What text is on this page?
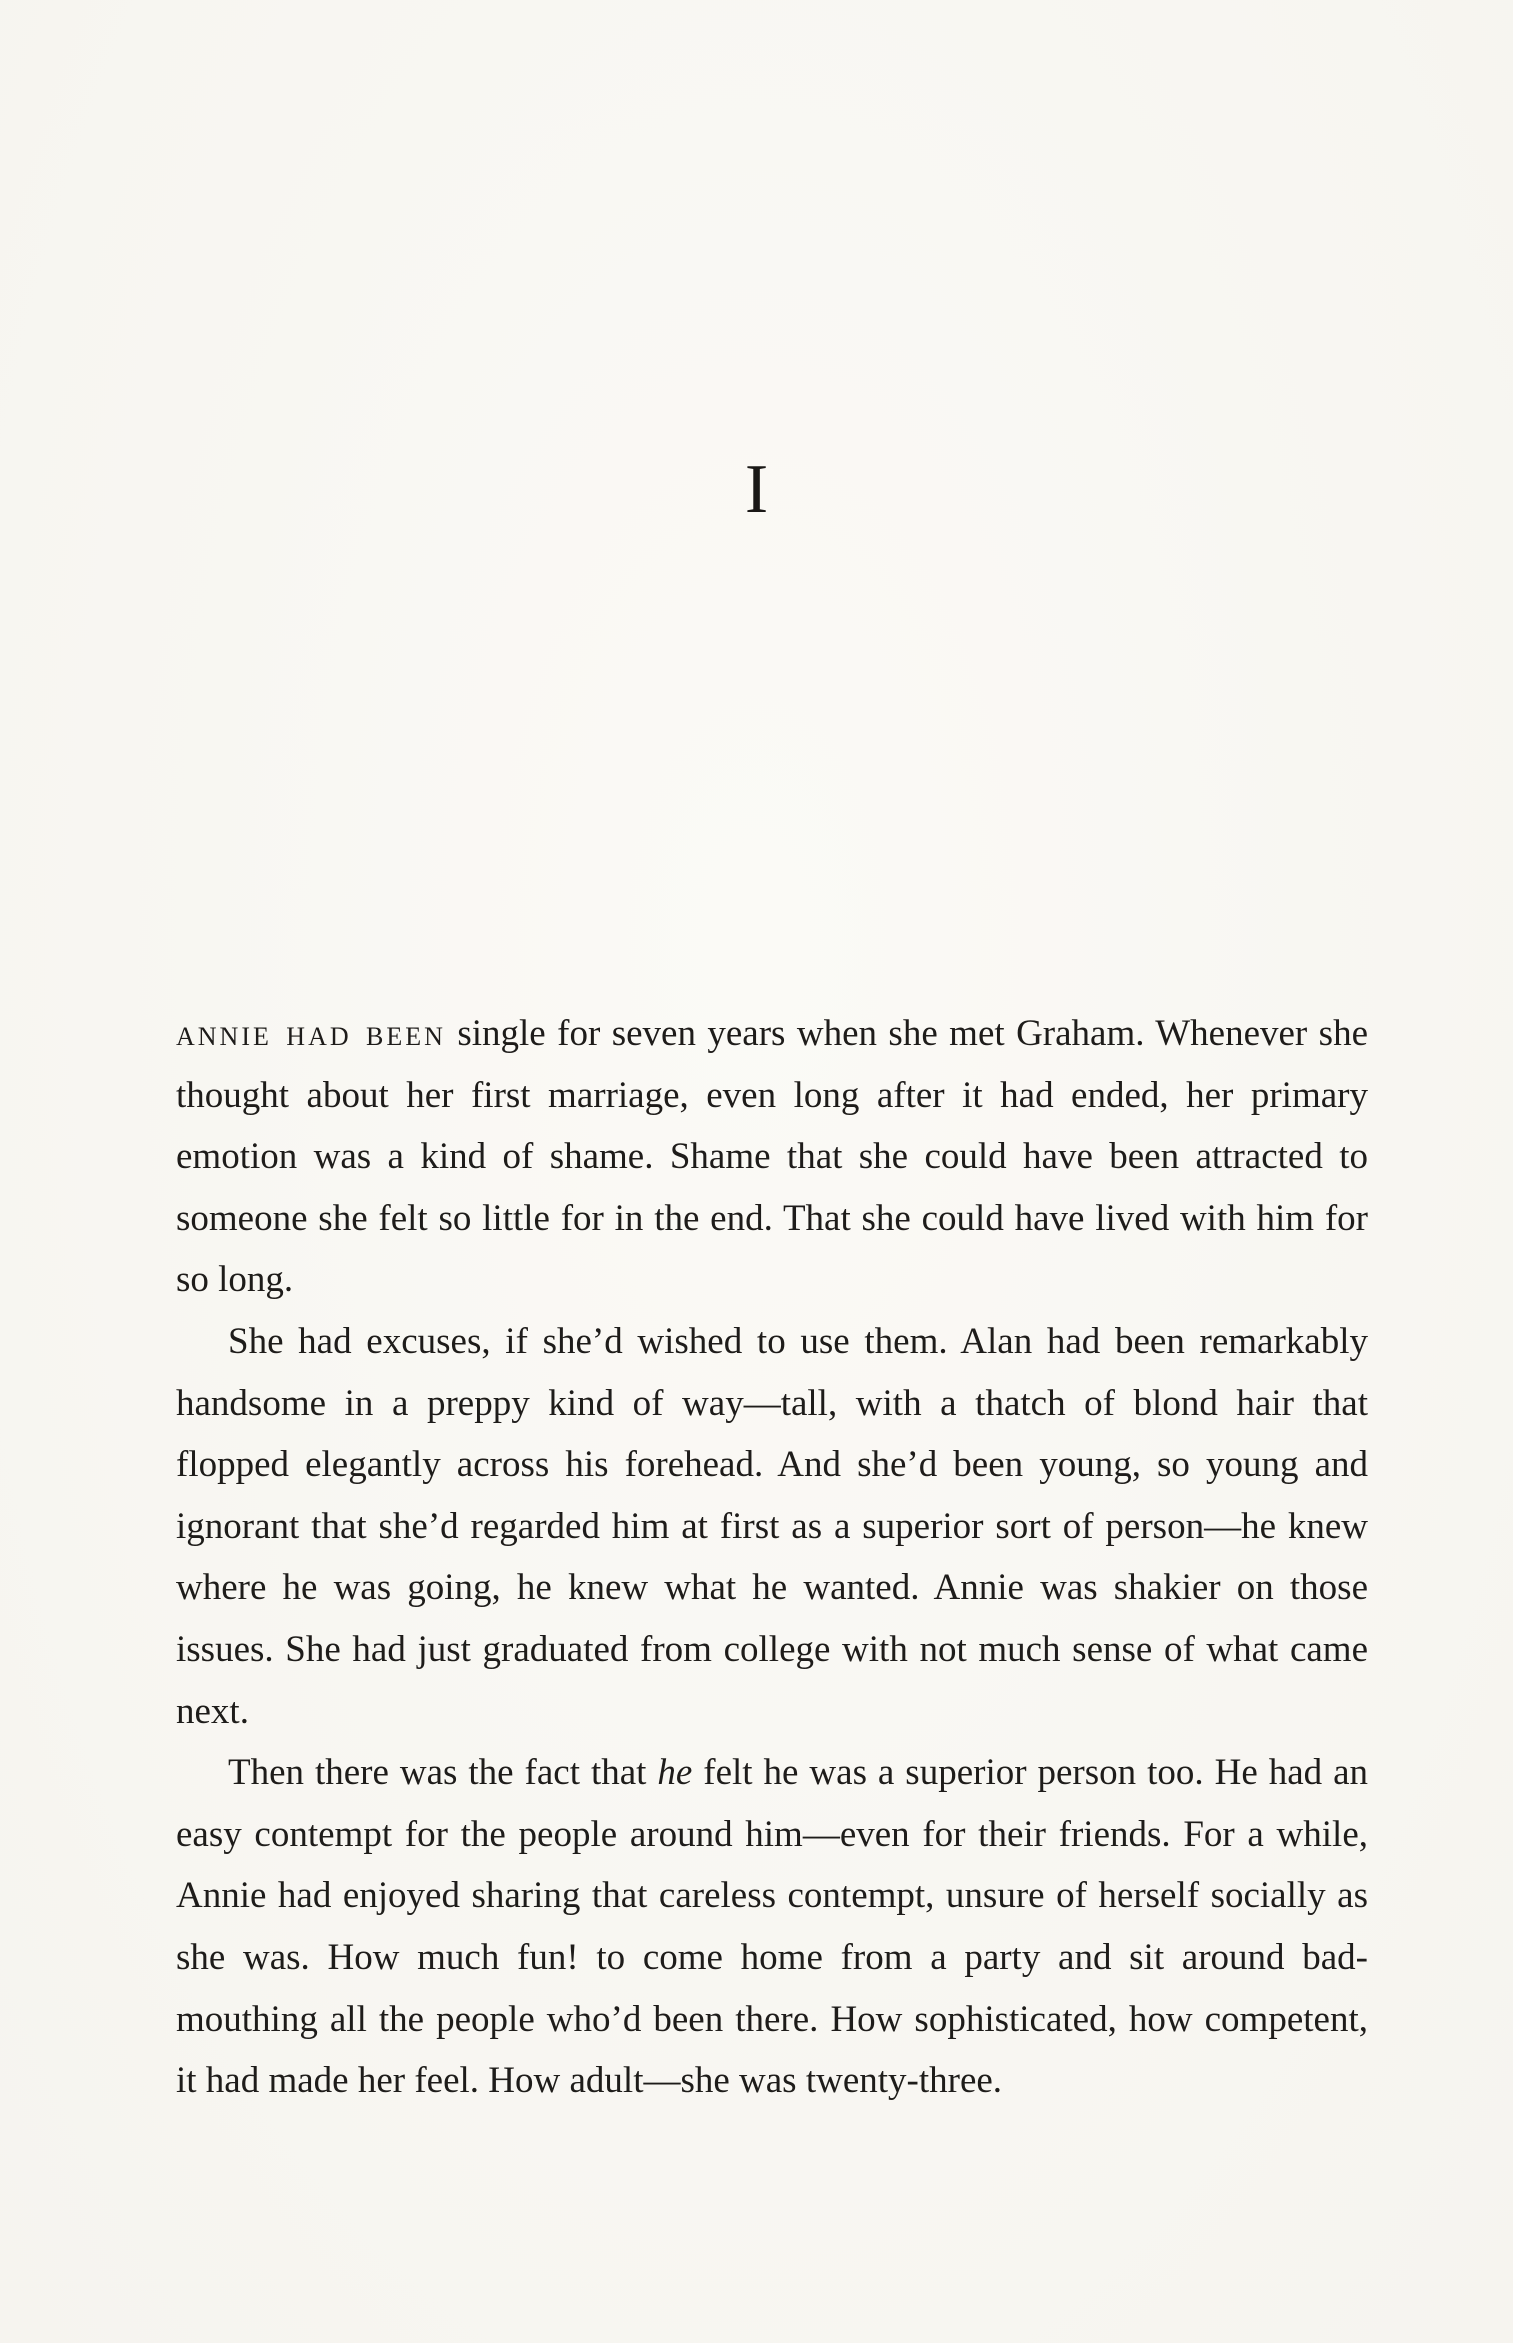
I

annie had been single for seven years when she met Graham. Whenever she thought about her first marriage, even long after it had ended, her primary emotion was a kind of shame. Shame that she could have been attracted to someone she felt so little for in the end. That she could have lived with him for so long.

She had excuses, if she’d wished to use them. Alan had been remarkably handsome in a preppy kind of way—tall, with a thatch of blond hair that flopped elegantly across his forehead. And she’d been young, so young and ignorant that she’d regarded him at first as a superior sort of person—he knew where he was going, he knew what he wanted. Annie was shakier on those issues. She had just graduated from college with not much sense of what came next.

Then there was the fact that he felt he was a superior person too. He had an easy contempt for the people around him—even for their friends. For a while, Annie had enjoyed sharing that careless contempt, unsure of herself socially as she was. How much fun! to come home from a party and sit around bad-mouthing all the people who’d been there. How sophisticated, how competent, it had made her feel. How adult—she was twenty-three.
